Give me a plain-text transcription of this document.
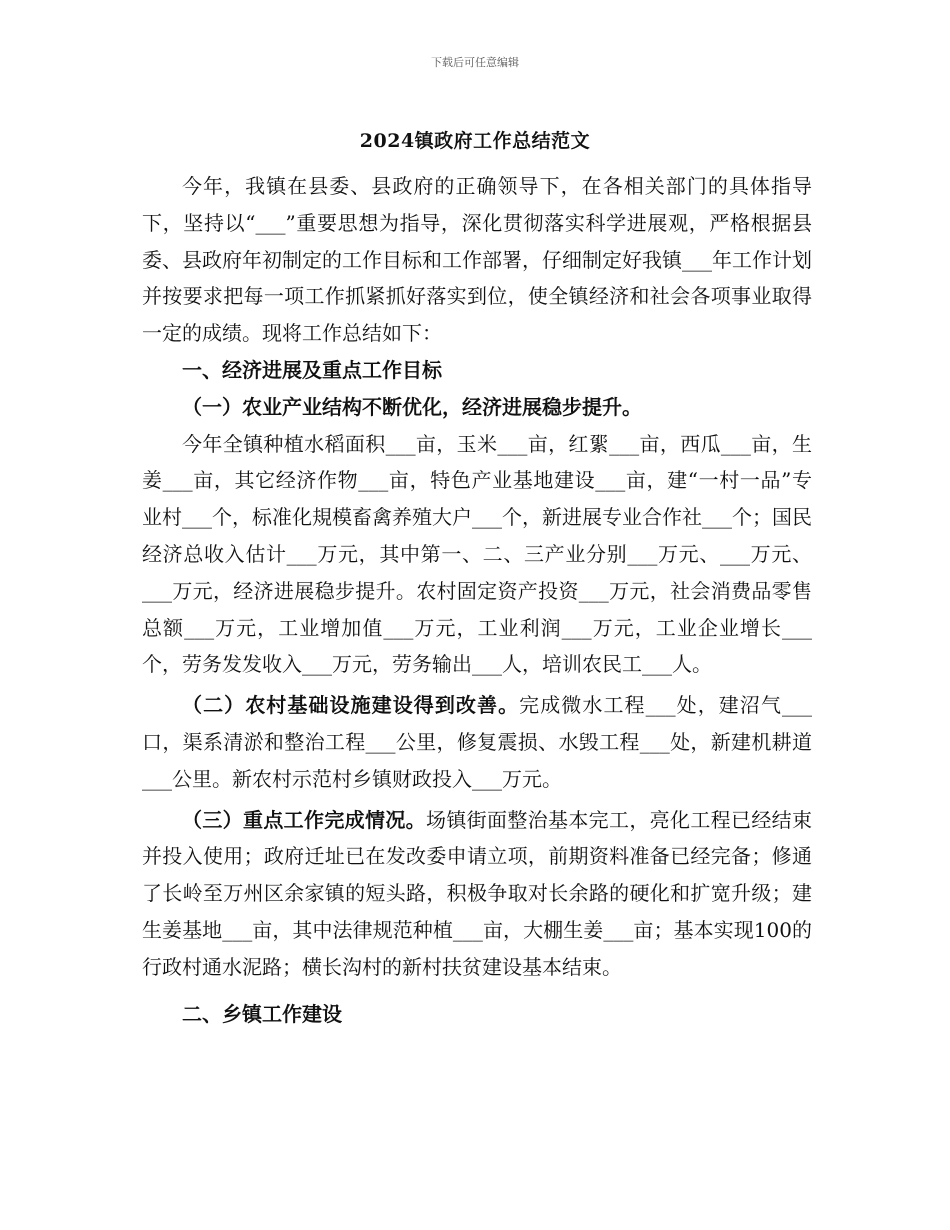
下载后可任意编辑
2024镇政府工作总结范文

今年，我镇在县委、县政府的正确领导下，在各相关部门的具体指导下，坚持以“___”重要思想为指导，深化贯彻落实科学进展观，严格根据县委、县政府年初制定的工作目标和工作部署，仔细制定好我镇___年工作计划并按要求把每一项工作抓紧抓好落实到位，使全镇经济和社会各项事业取得一定的成绩。现将工作总结如下：

一、经济进展及重点工作目标

（一）农业产业结构不断优化，经济进展稳步提升。

今年全镇种植水稻面积___亩，玉米___亩，红綤___亩，西瓜___亩，生姜___亩，其它经济作物___亩，特色产业基地建设___亩，建“一村一品”专业村___个，标准化規模畜禽养殖大户___个，新进展专业合作社___个；国民经济总收入估计___万元，其中第一、二、三产业分别___万元、___万元、___万元，经济进展稳步提升。农村固定资产投资___万元，社会消费品零售总额___万元，工业增加值___万元，工业利润___万元，工业企业增长___个，劳务发发收入___万元，劳务输出___人，培训农民工___人。

（二）农村基础设施建设得到改善。完成微水工程___处，建沼气___口，渠系清淤和整治工程___公里，修复震损、水毁工程___处，新建机耕道___公里。新农村示范村乡镇财政投入___万元。

（三）重点工作完成情况。场镇街面整治基本完工，亮化工程已经结束并投入使用；政府迁址已在发改委申请立项，前期资料准备已经完备；修通了长岭至万州区余家镇的短头路，积极争取对长余路的硬化和扩宽升级；建生姜基地___亩，其中法律规范种植___亩，大棚生姜___亩；基本实现100的行政村通水泥路；横长沟村的新村扶贫建设基本结束。

二、乡镇工作建设
